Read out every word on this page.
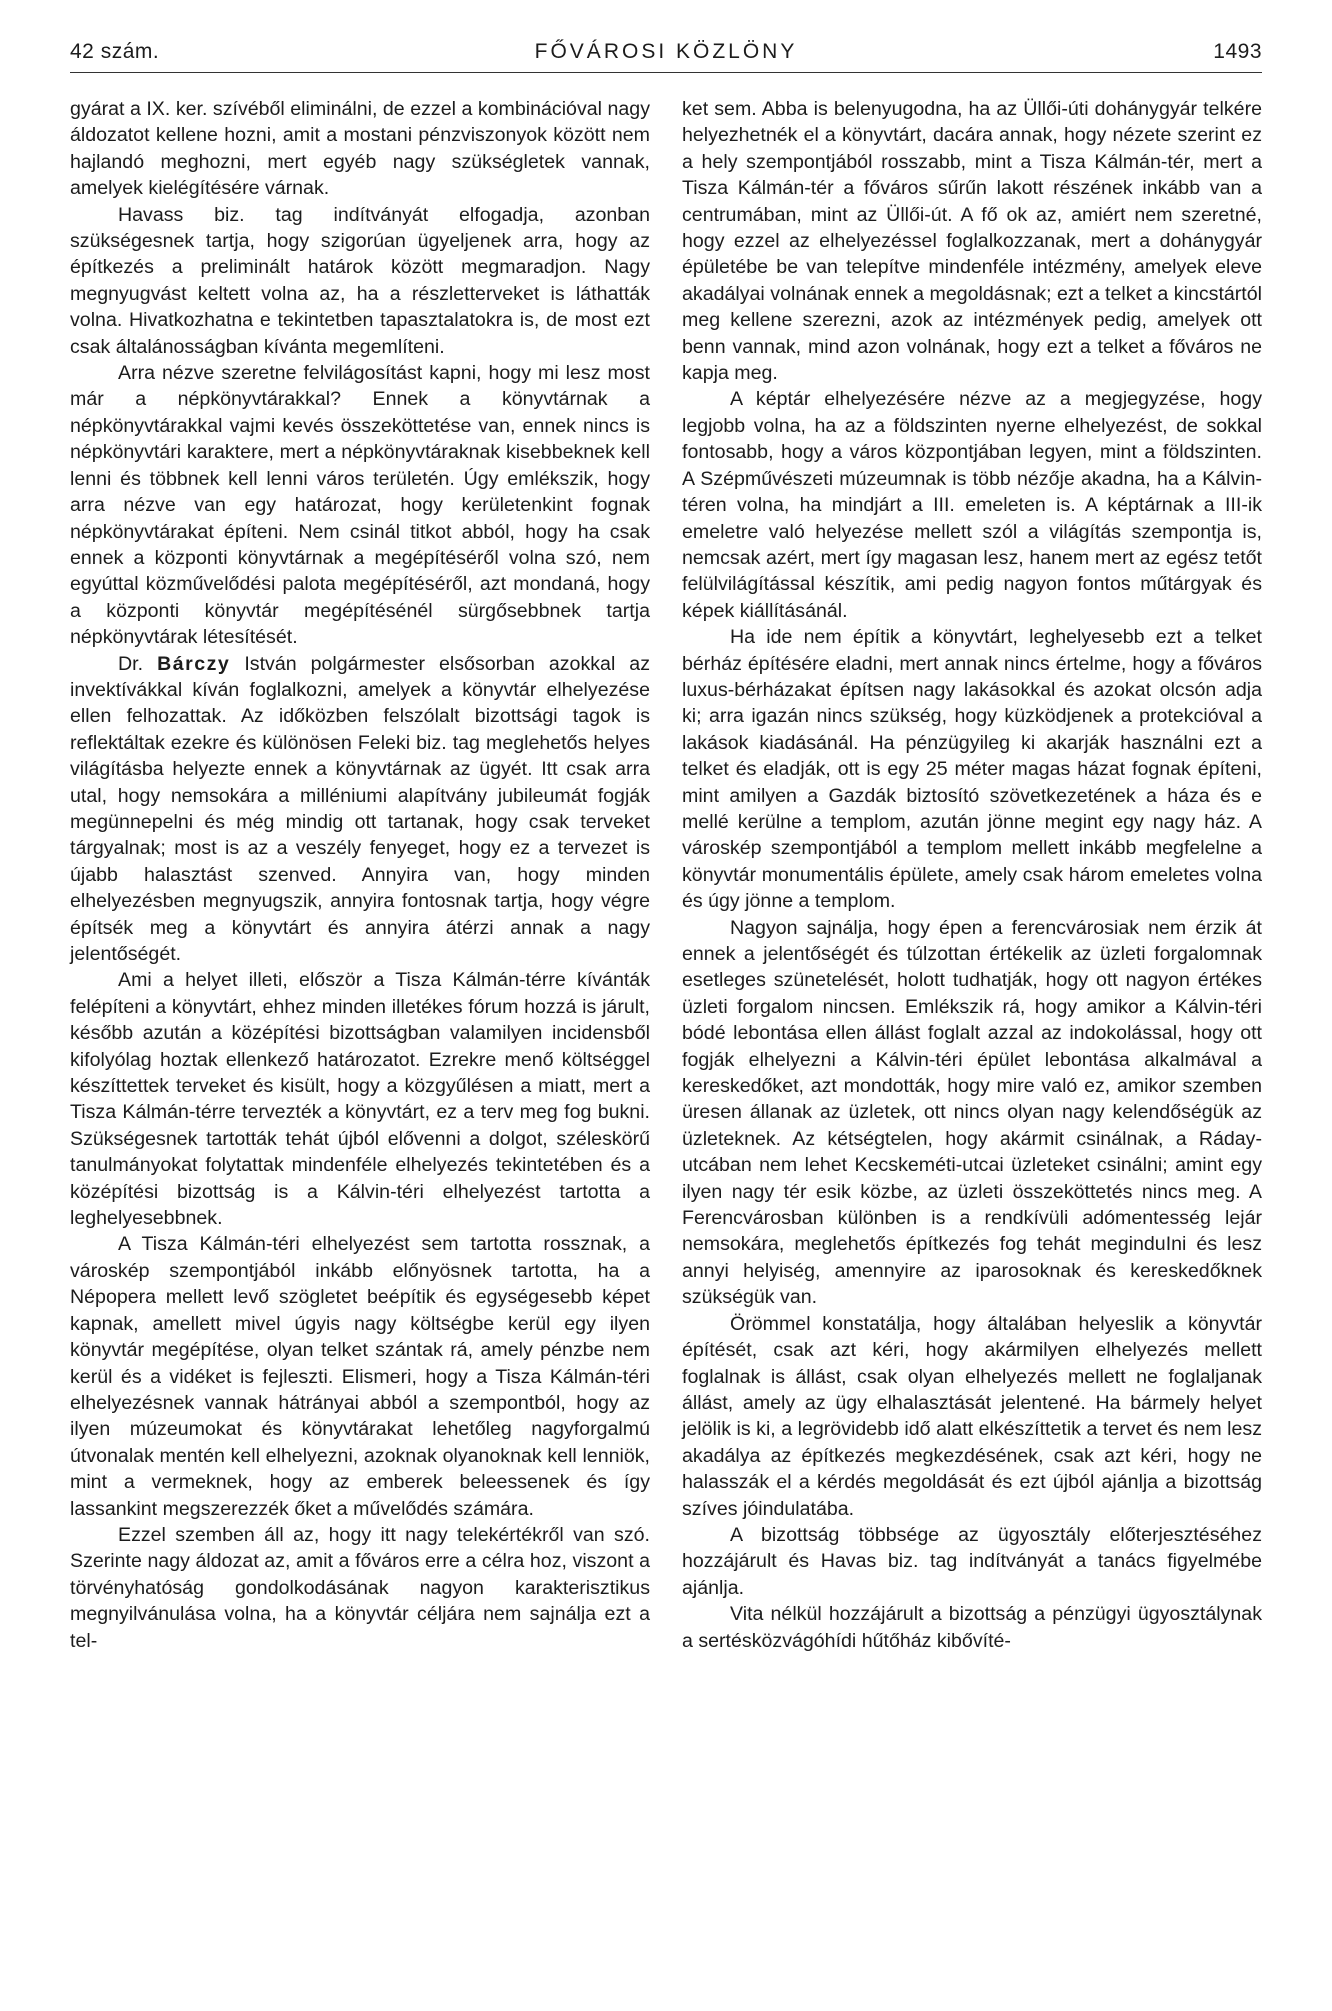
42 szám.	FŐVÁROSI KÖZLÖNY	1493

gyárat a IX. ker. szívéből eliminálni, de ezzel a kombinációval nagy áldozatot kellene hozni, amit a mostani pénzviszonyok között nem hajlandó meghozni, mert egyéb nagy szükségletek vannak, amelyek kielégítésére várnak.

Havass biz. tag indítványát elfogadja, azonban szükségesnek tartja, hogy szigorúan ügyeljenek arra, hogy az építkezés a preliminált határok között megmaradjon. Nagy megnyugvást keltett volna az, ha a részletterveket is láthatták volna. Hivatkozhatna e tekintetben tapasztalatokra is, de most ezt csak általánosságban kívánta megemlíteni.

Arra nézve szeretne felvilágosítást kapni, hogy mi lesz most már a népkönyvtárakkal? Ennek a könyvtárnak a népkönyvtárakkal vajmi kevés összeköttetése van, ennek nincs is népkönyvtári karaktere, mert a népkönyvtáraknak kisebbeknek kell lenni és többnek kell lenni város területén. Úgy emlékszik, hogy arra nézve van egy határozat, hogy kerületenkint fognak népkönyvtárakat építeni. Nem csinál titkot abból, hogy ha csak ennek a központi könyvtárnak a megépítéséről volna szó, nem egyúttal közművelődési palota megépítéséről, azt mondaná, hogy a központi könyvtár megépítésénél sürgősebbnek tartja népkönyvtárak létesítését.

Dr. Bárczy István polgármester elsősorban azokkal az invektívákkal kíván foglalkozni, amelyek a könyvtár elhelyezése ellen felhozattak. Az időközben felszólalt bizottsági tagok is reflektáltak ezekre és különösen Feleki biz. tag meglehetős helyes világításba helyezte ennek a könyvtárnak az ügyét. Itt csak arra utal, hogy nemsokára a milléniumi alapítvány jubileumát fogják megünnepelni és még mindig ott tartanak, hogy csak terveket tárgyalnak; most is az a veszély fenyeget, hogy ez a tervezet is újabb halasztást szenved. Annyira van, hogy minden elhelyezésben megnyugszik, annyira fontosnak tartja, hogy végre építsék meg a könyvtárt és annyira átérzi annak a nagy jelentőségét.

Ami a helyet illeti, először a Tisza Kálmán-térre kívánták felépíteni a könyvtárt, ehhez minden illetékes fórum hozzá is járult, később azután a középítési bizottságban valamilyen incidensből kifolyólag hoztak ellenkező határozatot. Ezrekre menő költséggel készíttettek terveket és kisült, hogy a közgyűlésen a miatt, mert a Tisza Kálmán-térre tervezték a könyvtárt, ez a terv meg fog bukni. Szükségesnek tartották tehát újból elővenni a dolgot, széleskörű tanulmányokat folytattak mindenféle elhelyezés tekintetében és a középítési bizottság is a Kálvin-téri elhelyezést tartotta a leghelyesebbnek.

A Tisza Kálmán-téri elhelyezést sem tartotta rossznak, a városkép szempontjából inkább előnyösnek tartotta, ha a Népopera mellett levő szögletet beépítik és egységesebb képet kapnak, amellett mivel úgyis nagy költségbe kerül egy ilyen könyvtár megépítése, olyan telket szántak rá, amely pénzbe nem kerül és a vidéket is fejleszti. Elismeri, hogy a Tisza Kálmán-téri elhelyezésnek vannak hátrányai abból a szempontból, hogy az ilyen múzeumokat és könyvtárakat lehetőleg nagyforgalmú útvonalak mentén kell elhelyezni, azoknak olyanoknak kell lenniök, mint a vermeknek, hogy az emberek beleessenek és így lassankint megszerezzék őket a művelődés számára.

Ezzel szemben áll az, hogy itt nagy telekértékről van szó. Szerinte nagy áldozat az, amit a főváros erre a célra hoz, viszont a törvényhatóság gondolkodásának nagyon karakterisztikus megnyilvánulása volna, ha a könyvtár céljára nem sajnálja ezt a tel-

ket sem. Abba is belenyugodna, ha az Üllői-úti dohánygyár telkére helyezhetnék el a könyvtárt, dacára annak, hogy nézete szerint ez a hely szempontjából rosszabb, mint a Tisza Kálmán-tér, mert a Tisza Kálmán-tér a főváros sűrűn lakott részének inkább van a centrumában, mint az Üllői-út. A fő ok az, amiért nem szeretné, hogy ezzel az elhelyezéssel foglalkozzanak, mert a dohánygyár épületébe be van telepítve mindenféle intézmény, amelyek eleve akadályai volnának ennek a megoldásnak; ezt a telket a kincstártól meg kellene szerezni, azok az intézmények pedig, amelyek ott benn vannak, mind azon volnának, hogy ezt a telket a főváros ne kapja meg.

A képtár elhelyezésére nézve az a megjegyzése, hogy legjobb volna, ha az a földszinten nyerne elhelyezést, de sokkal fontosabb, hogy a város központjában legyen, mint a földszinten. A Szépművészeti múzeumnak is több nézője akadna, ha a Kálvin-téren volna, ha mindjárt a III. emeleten is. A képtárnak a III-ik emeletre való helyezése mellett szól a világítás szempontja is, nemcsak azért, mert így magasan lesz, hanem mert az egész tetőt felülvilágítással készítik, ami pedig nagyon fontos műtárgyak és képek kiállításánál.

Ha ide nem építik a könyvtárt, leghelyesebb ezt a telket bérház építésére eladni, mert annak nincs értelme, hogy a főváros luxus-bérházakat építsen nagy lakásokkal és azokat olcsón adja ki; arra igazán nincs szükség, hogy küzködjenek a protekcióval a lakások kiadásánál. Ha pénzügyileg ki akarják használni ezt a telket és eladják, ott is egy 25 méter magas házat fognak építeni, mint amilyen a Gazdák biztosító szövetkezetének a háza és e mellé kerülne a templom, azután jönne megint egy nagy ház. A városkép szempontjából a templom mellett inkább megfelelne a könyvtár monumentális épülete, amely csak három emeletes volna és úgy jönne a templom.

Nagyon sajnálja, hogy épen a ferencvárosiak nem érzik át ennek a jelentőségét és túlzottan értékelik az üzleti forgalomnak esetleges szünetelését, holott tudhatják, hogy ott nagyon értékes üzleti forgalom nincsen. Emlékszik rá, hogy amikor a Kálvin-téri bódé lebontása ellen állást foglalt azzal az indokolással, hogy ott fogják elhelyezni a Kálvin-téri épület lebontása alkalmával a kereskedőket, azt mondották, hogy mire való ez, amikor szemben üresen állanak az üzletek, ott nincs olyan nagy kelendőségük az üzleteknek. Az kétségtelen, hogy akármit csinálnak, a Ráday-utcában nem lehet Kecskeméti-utcai üzleteket csinálni; amint egy ilyen nagy tér esik közbe, az üzleti összeköttetés nincs meg. A Ferencvárosban különben is a rendkívüli adómentesség lejár nemsokára, meglehetős építkezés fog tehát meginduIni és lesz annyi helyiség, amennyire az iparosoknak és kereskedőknek szükségük van.

Örömmel konstatálja, hogy általában helyeslik a könyvtár építését, csak azt kéri, hogy akármilyen elhelyezés mellett foglalnak is állást, csak olyan elhelyezés mellett ne foglaljanak állást, amely az ügy elhalasztását jelentené. Ha bármely helyet jelölik is ki, a legrövidebb idő alatt elkészíttetik a tervet és nem lesz akadálya az építkezés megkezdésének, csak azt kéri, hogy ne halasszák el a kérdés megoldását és ezt újból ajánlja a bizottság szíves jóindulatába.

A bizottság többsége az ügyosztály előterjesztéséhez hozzájárult és Havas biz. tag indítványát a tanács figyelmébe ajánlja.

Vita nélkül hozzájárult a bizottság a pénzügyi ügyosztálynak a sertésközvágóhídi hűtőház kibővíté-
